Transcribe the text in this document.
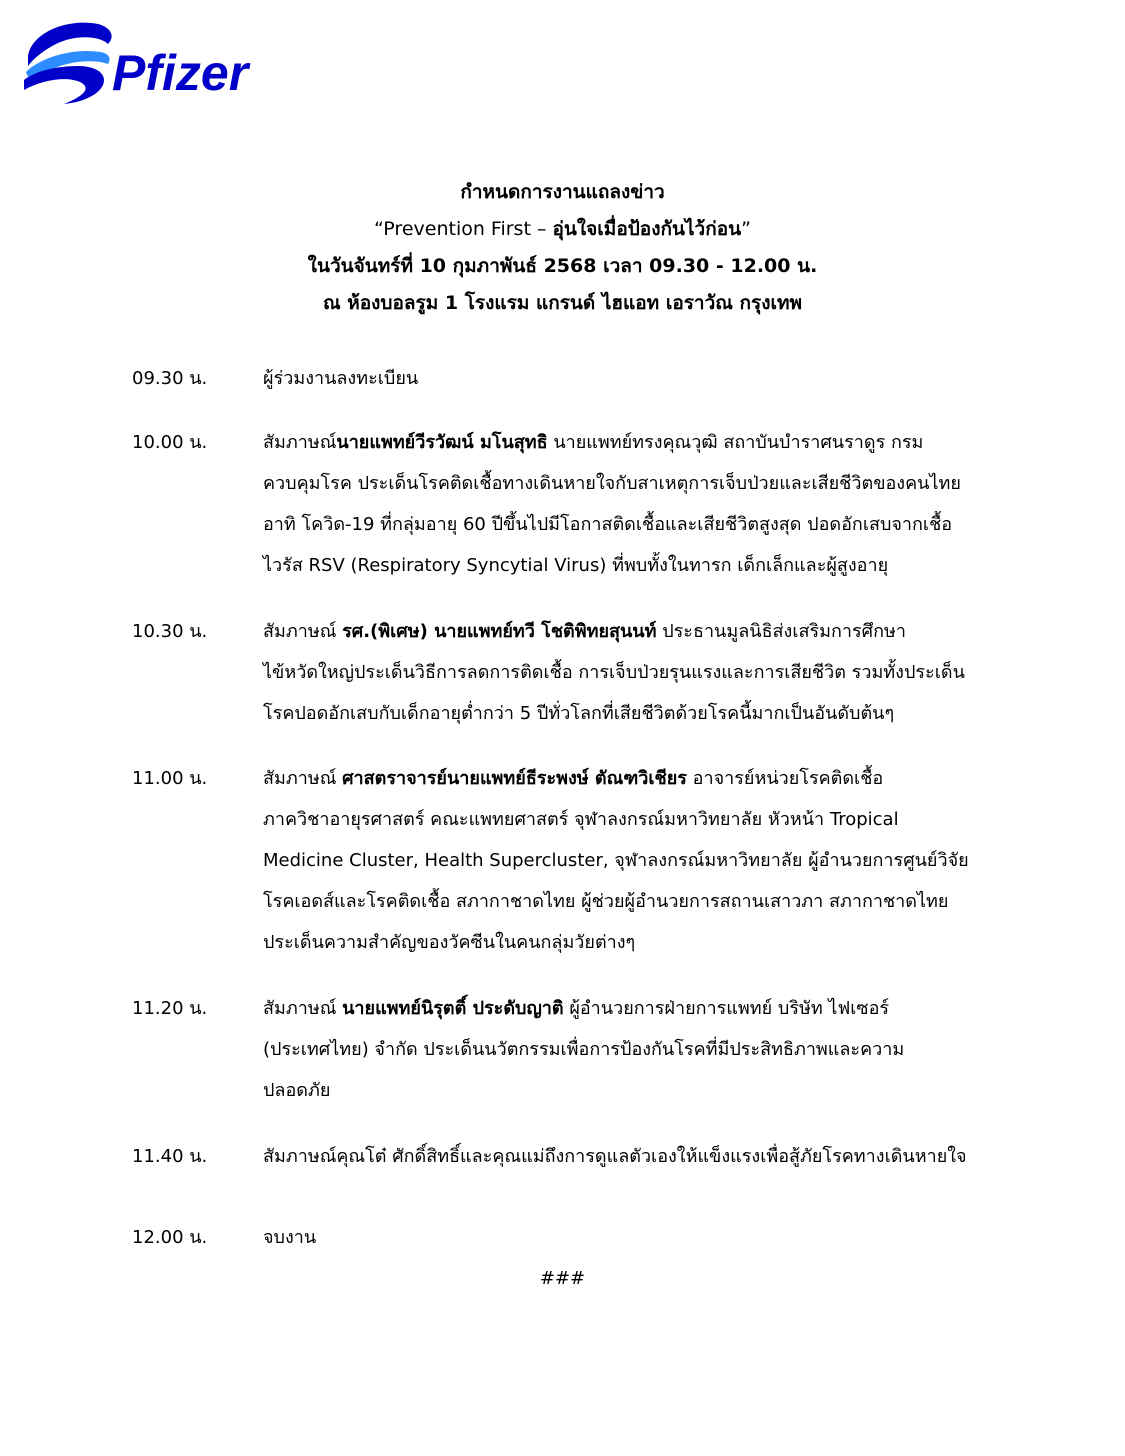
Pfizer
กำหนดการงานแถลงข่าว
“Prevention First – อุ่นใจเมื่อป้องกันไว้ก่อน”
ในวันจันทร์ที่ 10 กุมภาพันธ์ 2568 เวลา 09.30 - 12.00 น.
ณ ห้องบอลรูม 1 โรงแรม แกรนด์ ไฮแอท เอราวัณ กรุงเทพ
09.30 น.	ผู้ร่วมงานลงทะเบียน
10.00 น.	สัมภาษณ์นายแพทย์วีรวัฒน์ มโนสุทธิ นายแพทย์ทรงคุณวุฒิ สถาบันบำราศนราดูร กรม
ควบคุมโรค ประเด็นโรคติดเชื้อทางเดินหายใจกับสาเหตุการเจ็บป่วยและเสียชีวิตของคนไทย
อาทิ โควิด-19 ที่กลุ่มอายุ 60 ปีขึ้นไปมีโอกาสติดเชื้อและเสียชีวิตสูงสุด ปอดอักเสบจากเชื้อ
ไวรัส RSV (Respiratory Syncytial Virus) ที่พบทั้งในทารก เด็กเล็กและผู้สูงอายุ
10.30 น.	สัมภาษณ์ รศ.(พิเศษ) นายแพทย์ทวี โชติพิทยสุนนท์ ประธานมูลนิธิส่งเสริมการศึกษา
ไข้หวัดใหญ่ประเด็นวิธีการลดการติดเชื้อ การเจ็บป่วยรุนแรงและการเสียชีวิต รวมทั้งประเด็น
โรคปอดอักเสบกับเด็กอายุต่ำกว่า 5 ปีทั่วโลกที่เสียชีวิตด้วยโรคนี้มากเป็นอันดับต้นๆ
11.00 น.	สัมภาษณ์ ศาสตราจารย์นายแพทย์ธีระพงษ์ ตัณฑวิเชียร อาจารย์หน่วยโรคติดเชื้อ
ภาควิชาอายุรศาสตร์ คณะแพทยศาสตร์ จุฬาลงกรณ์มหาวิทยาลัย หัวหน้า Tropical
Medicine Cluster, Health Supercluster, จุฬาลงกรณ์มหาวิทยาลัย ผู้อำนวยการศูนย์วิจัย
โรคเอดส์และโรคติดเชื้อ สภากาชาดไทย ผู้ช่วยผู้อำนวยการสถานเสาวภา สภากาชาดไทย
ประเด็นความสำคัญของวัคซีนในคนกลุ่มวัยต่างๆ
11.20 น.	สัมภาษณ์ นายแพทย์นิรุตติ์ ประดับญาติ ผู้อำนวยการฝ่ายการแพทย์ บริษัท ไฟเซอร์
(ประเทศไทย) จำกัด ประเด็นนวัตกรรมเพื่อการป้องกันโรคที่มีประสิทธิภาพและความ
ปลอดภัย
11.40 น.	สัมภาษณ์คุณโต๋ ศักดิ์สิทธิ์และคุณแม่ถึงการดูแลตัวเองให้แข็งแรงเพื่อสู้ภัยโรคทางเดินหายใจ
12.00 น.	จบงาน
###
